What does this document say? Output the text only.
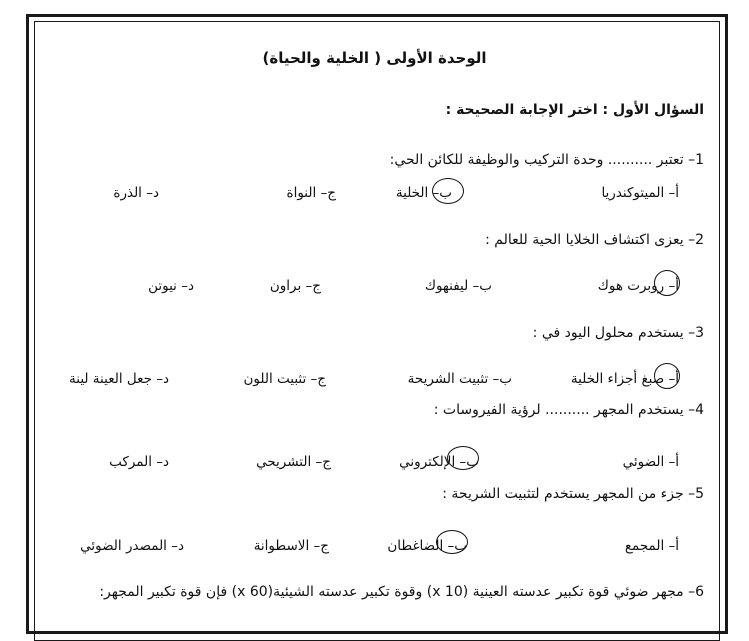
الوحدة الأولى ( الخلية والحياة)
السؤال الأول : اختر الإجابة الصحيحة :
1– تعتبر .......... وحدة التركيب والوظيفة للكائن الحي:
أ– الميتوكندريا
ب– الخلية
ج– النواة
د– الذرة
2– يعزى اكتشاف الخلايا الحية للعالم :
أ– روبرت هوك
ب– ليفنهوك
ج– براون
د– نيوتن
3– يستخدم محلول اليود في :
أ– صبغ أجزاء الخلية
ب– تثبيت الشريحة
ج– تثبيت اللون
د– جعل العينة لينة
4– يستخدم المجهر .......... لرؤية الفيروسات :
أ– الضوئي
ب– الإلكتروني
ج– التشريحي
د– المركب
5– جزء من المجهر يستخدم لتثبيت الشريحة :
أ– المجمع
ب– الضاغطان
ج– الاسطوانة
د– المصدر الضوئي
6– مجهر ضوئي قوة تكبير عدسته العينية (x 10) وقوة تكبير عدسته الشيئية(x 60) فإن قوة تكبير المجهر:
